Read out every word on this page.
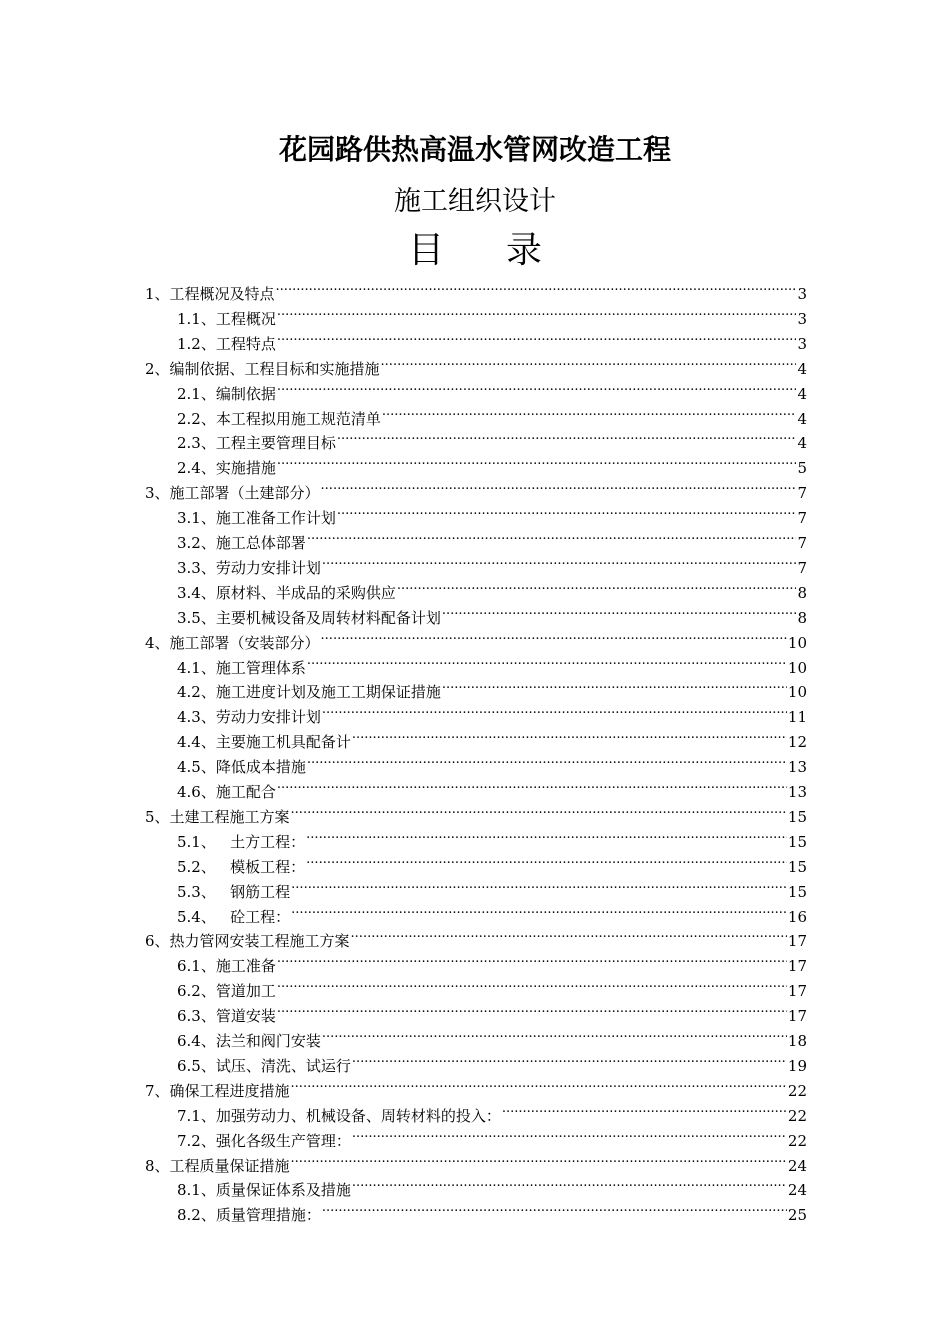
花园路供热高温水管网改造工程
施工组织设计
目 录
1、工程概况及特点 .....	3
1.1、工程概况 .....	3
1.2、工程特点 .....	3
2、编制依据、工程目标和实施措施 .....	4
2.1、编制依据 .....	4
2.2、本工程拟用施工规范清单 .....	4
2.3、工程主要管理目标 .....	4
2.4、实施措施 .....	5
3、施工部署（土建部分） .....	7
3.1、施工准备工作计划 .....	7
3.2、施工总体部署 .....	7
3.3、劳动力安排计划 .....	7
3.4、原材料、半成品的采购供应 .....	8
3.5、主要机械设备及周转材料配备计划 .....	8
4、施工部署（安装部分） .....	10
4.1、施工管理体系 .....	10
4.2、施工进度计划及施工工期保证措施 .....	10
4.3、劳动力安排计划 .....	11
4.4、主要施工机具配备计 .....	12
4.5、降低成本措施 .....	13
4.6、施工配合 .....	13
5、土建工程施工方案 .....	15
5.1、   土方工程： .....	15
5.2、   模板工程： .....	15
5.3、   钢筋工程 .....	15
5.4、   砼工程： .....	16
6、热力管网安装工程施工方案 .....	17
6.1、施工准备 .....	17
6.2、管道加工 .....	17
6.3、管道安装 .....	17
6.4、法兰和阀门安装 .....	18
6.5、试压、清洗、试运行 .....	19
7、确保工程进度措施 .....	22
7.1、加强劳动力、机械设备、周转材料的投入： .....	22
7.2、强化各级生产管理： .....	22
8、工程质量保证措施 .....	24
8.1、质量保证体系及措施 .....	24
8.2、质量管理措施： .....	25
